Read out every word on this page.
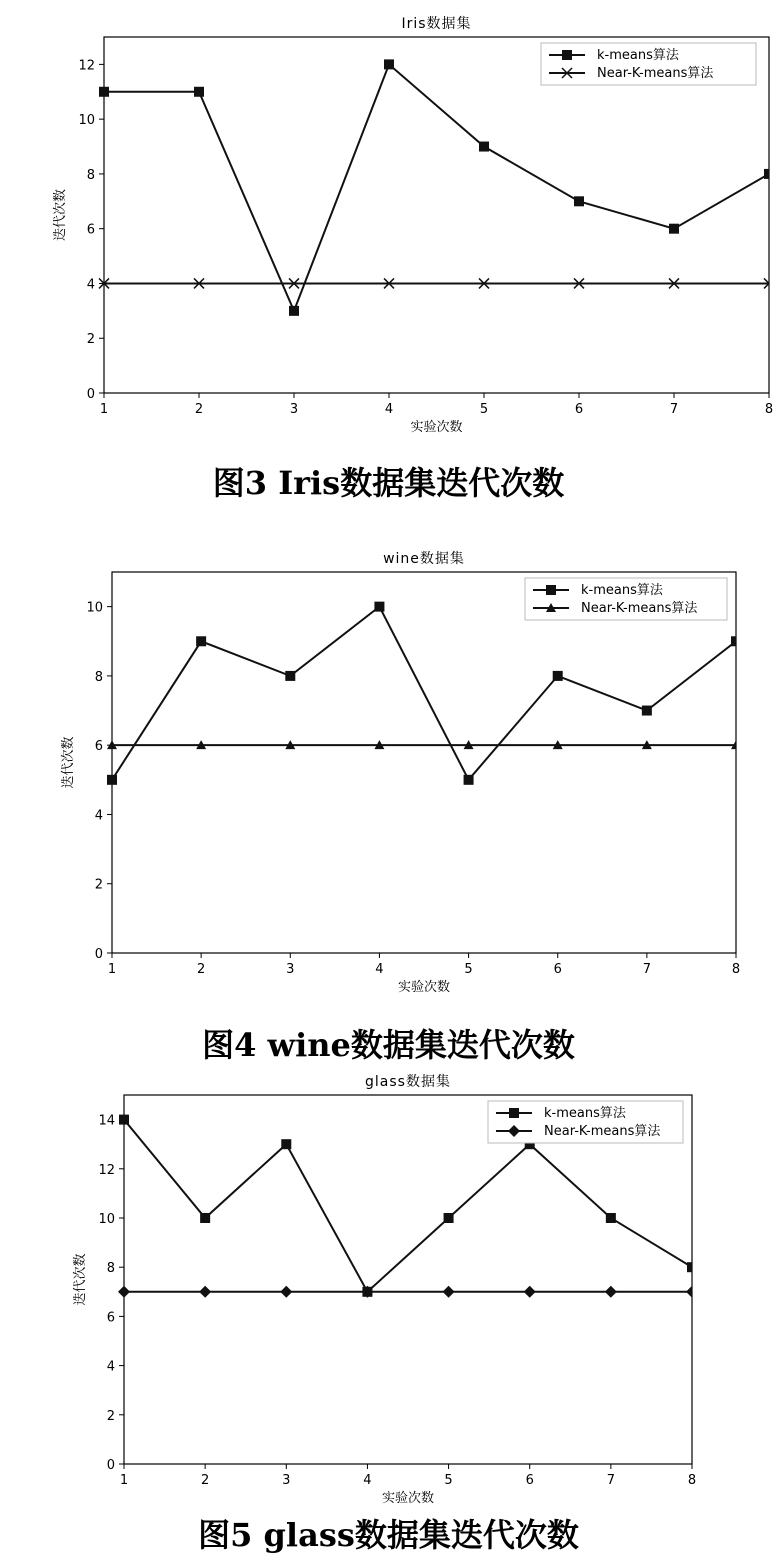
Iris数据集
0
2
4
6
8
10
12
1	2	3	4	5	6	7	8
实验次数
迭代次数
k-means算法
Near-K-means算法
图3 Iris数据集迭代次数
wine数据集
0
2
4
6
8
10
1	2	3	4	5	6	7	8
实验次数
迭代次数
k-means算法
Near-K-means算法
图4 wine数据集迭代次数
glass数据集
0
2
4
6
8
10
12
14
1	2	3	4	5	6	7	8
实验次数
迭代次数
k-means算法
Near-K-means算法
图5 glass数据集迭代次数
